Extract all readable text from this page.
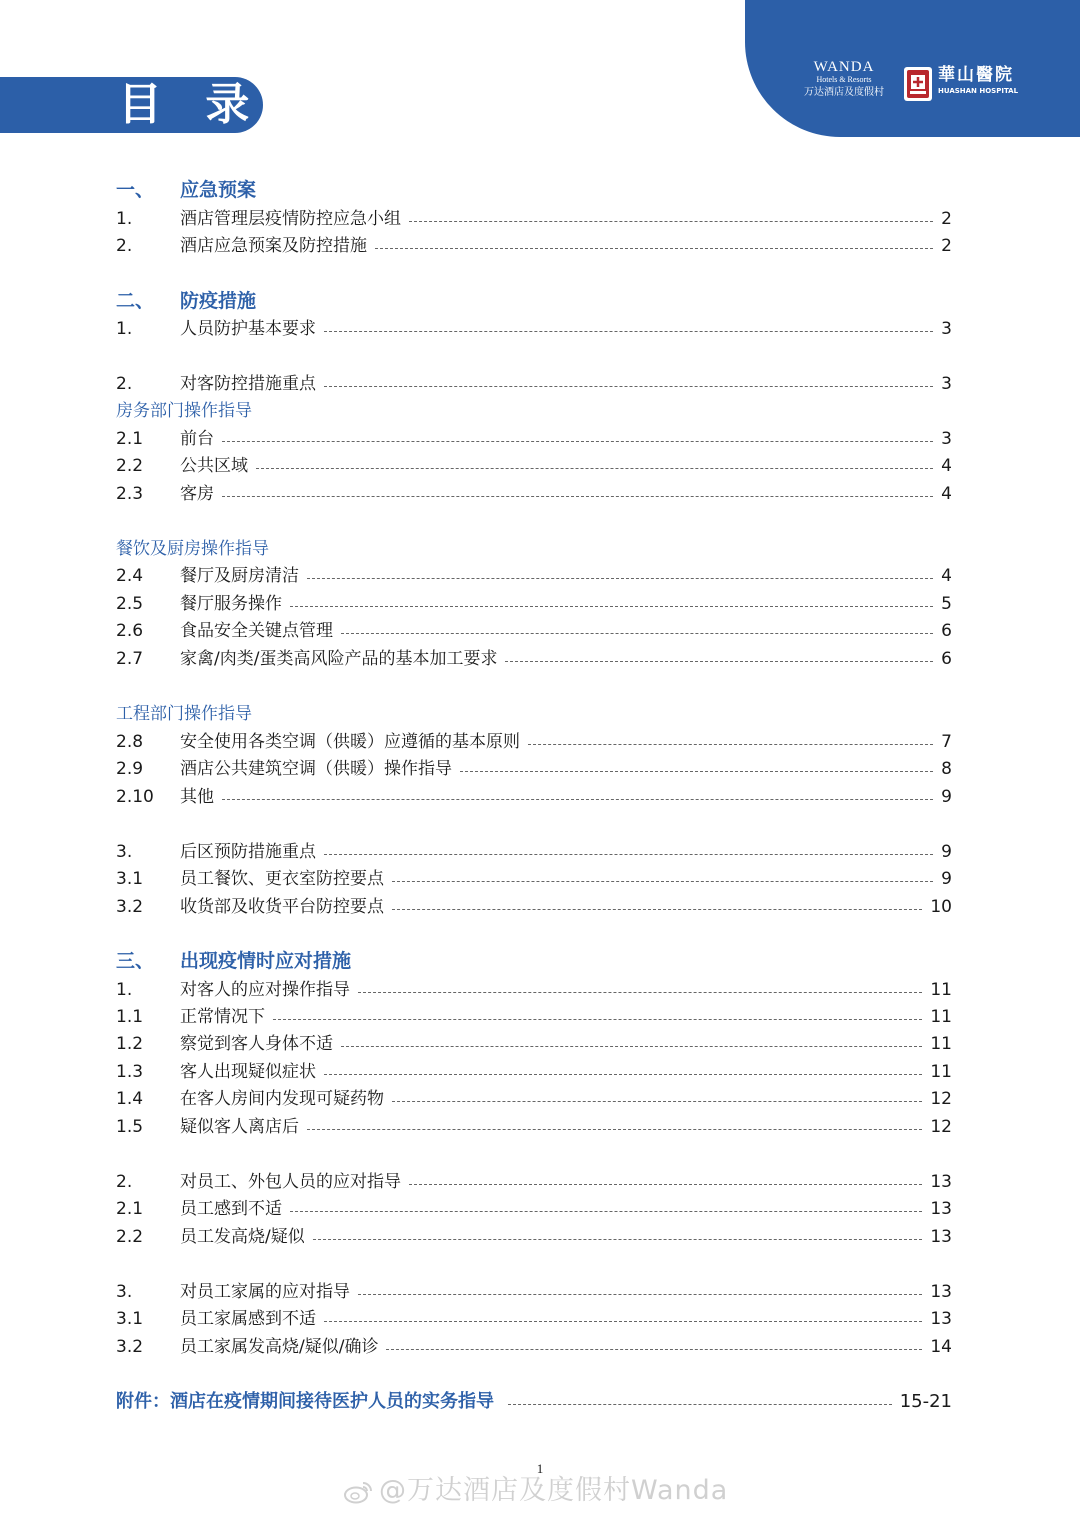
目 录
WANDA
Hotels & Resorts
万达酒店及度假村
華山醫院
HUASHAN HOSPITAL
一、 应急预案
1.	酒店管理层疫情防控应急小组	2
2.	酒店应急预案及防控措施	2
二、 防疫措施
1.	人员防护基本要求	3
2.	对客防控措施重点	3
房务部门操作指导
2.1 前台	3
2.2 公共区域	4
2.3 客房	4
餐饮及厨房操作指导
2.4 餐厅及厨房清洁	4
2.5 餐厅服务操作	5
2.6 食品安全关键点管理	6
2.7 家禽/肉类/蛋类高风险产品的基本加工要求	6
工程部门操作指导
2.8 安全使用各类空调（供暖）应遵循的基本原则	7
2.9 酒店公共建筑空调（供暖）操作指导	8
2.10 其他	9
3.	后区预防措施重点	9
3.1 员工餐饮、更衣室防控要点	9
3.2 收货部及收货平台防控要点	10
三、 出现疫情时应对措施
1.	对客人的应对操作指导	11
1.1 正常情况下	11
1.2 察觉到客人身体不适	11
1.3 客人出现疑似症状	11
1.4 在客人房间内发现可疑药物	12
1.5 疑似客人离店后	12
2.	对员工、外包人员的应对指导	13
2.1 员工感到不适	13
2.2 员工发高烧/疑似	13
3.	对员工家属的应对指导	13
3.1 员工家属感到不适	13
3.2 员工家属发高烧/疑似/确诊	14
附件：酒店在疫情期间接待医护人员的实务指导	15-21
1
@万达酒店及度假村Wanda
